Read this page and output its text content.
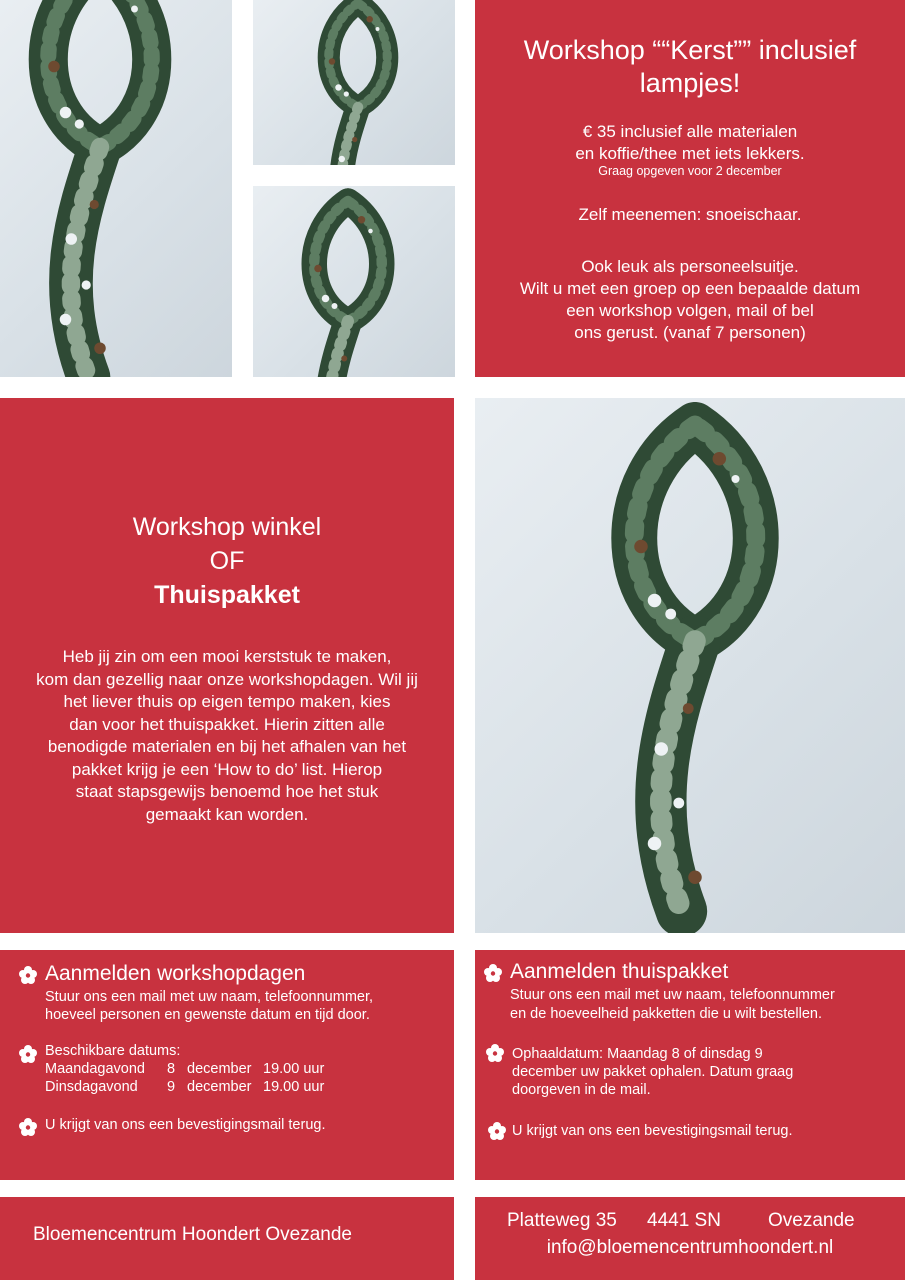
Workshop ““Kerst”” inclusief
lampjes!
€ 35 inclusief alle materialen
en koffie/thee met iets lekkers.
Graag opgeven voor 2 december
Zelf meenemen: snoeischaar.
Ook leuk als personeelsuitje.
Wilt u met een groep op een bepaalde datum
een workshop volgen, mail of bel
ons gerust. (vanaf 7 personen)
Workshop winkel
OF
Thuispakket
Heb jij zin om een mooi kerststuk te maken,
kom dan gezellig naar onze workshopdagen. Wil jij
het liever thuis op eigen tempo maken, kies
dan voor het thuispakket. Hierin zitten alle
benodigde materialen en bij het afhalen van het
pakket krijg je een ‘How to do’ list. Hierop
staat stapsgewijs benoemd hoe het stuk
gemaakt kan worden.
Aanmelden workshopdagen
Stuur ons een mail met uw naam, telefoonnummer,
hoeveel personen en gewenste datum en tijd door.
Beschikbare datums:
Maandagavond 8 december 19.00 uur
Dinsdagavond 9 december 19.00 uur
U krijgt van ons een bevestigingsmail terug.
Aanmelden thuispakket
Stuur ons een mail met uw naam, telefoonnummer
en de hoeveelheid pakketten die u wilt bestellen.
Ophaaldatum: Maandag 8 of dinsdag 9
december uw pakket ophalen. Datum graag
doorgeven in de mail.
U krijgt van ons een bevestigingsmail terug.
Bloemencentrum Hoondert Ovezande
Platteweg 35 4441 SN Ovezande
info@bloemencentrumhoondert.nl
